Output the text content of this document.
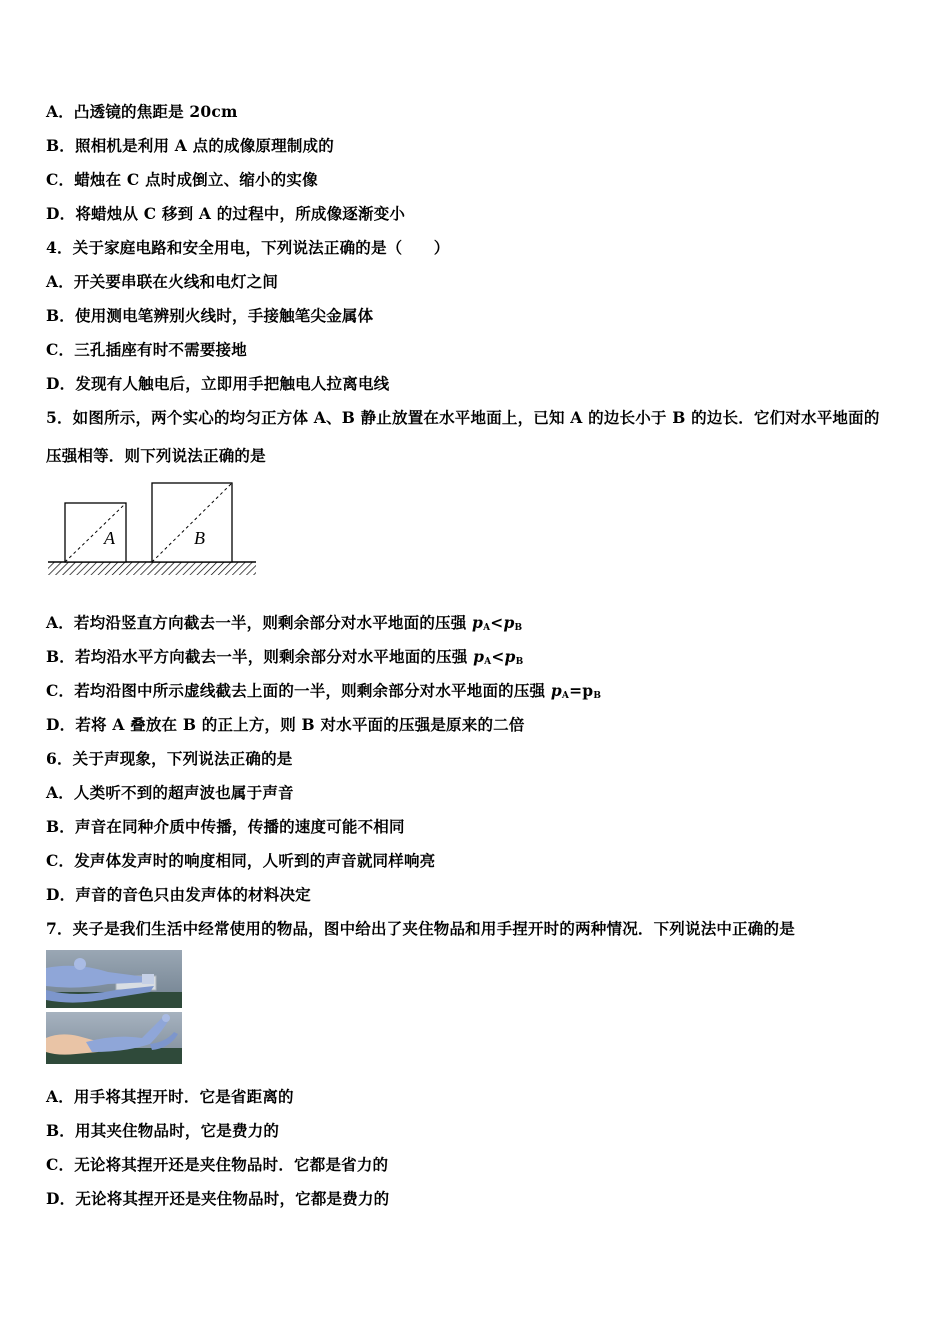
A．凸透镜的焦距是 20cm
B．照相机是利用 A 点的成像原理制成的
C．蜡烛在 C 点时成倒立、缩小的实像
D．将蜡烛从 C 移到 A 的过程中，所成像逐渐变小
4．关于家庭电路和安全用电，下列说法正确的是（　　）
A．开关要串联在火线和电灯之间
B．使用测电笔辨别火线时，手接触笔尖金属体
C．三孔插座有时不需要接地
D．发现有人触电后，立即用手把触电人拉离电线
5．如图所示，两个实心的均匀正方体 A、B 静止放置在水平地面上，已知 A 的边长小于 B 的边长．它们对水平地面的
压强相等．则下列说法正确的是
A	B
A．若均沿竖直方向截去一半，则剩余部分对水平地面的压强 $p_A<p_B$
B．若均沿水平方向截去一半，则剩余部分对水平地面的压强 $p_A<p_B$
C．若均沿图中所示虚线截去上面的一半，则剩余部分对水平地面的压强 $p_A=p_B$
D．若将 A 叠放在 B 的正上方，则 B 对水平面的压强是原来的二倍
6．关于声现象，下列说法正确的是
A．人类听不到的超声波也属于声音
B．声音在同种介质中传播，传播的速度可能不相同
C．发声体发声时的响度相同，人听到的声音就同样响亮
D．声音的音色只由发声体的材料决定
7．夹子是我们生活中经常使用的物品，图中给出了夹住物品和用手捏开时的两种情况．下列说法中正确的是
A．用手将其捏开时．它是省距离的
B．用其夹住物品时，它是费力的
C．无论将其捏开还是夹住物品时．它都是省力的
D．无论将其捏开还是夹住物品时，它都是费力的
